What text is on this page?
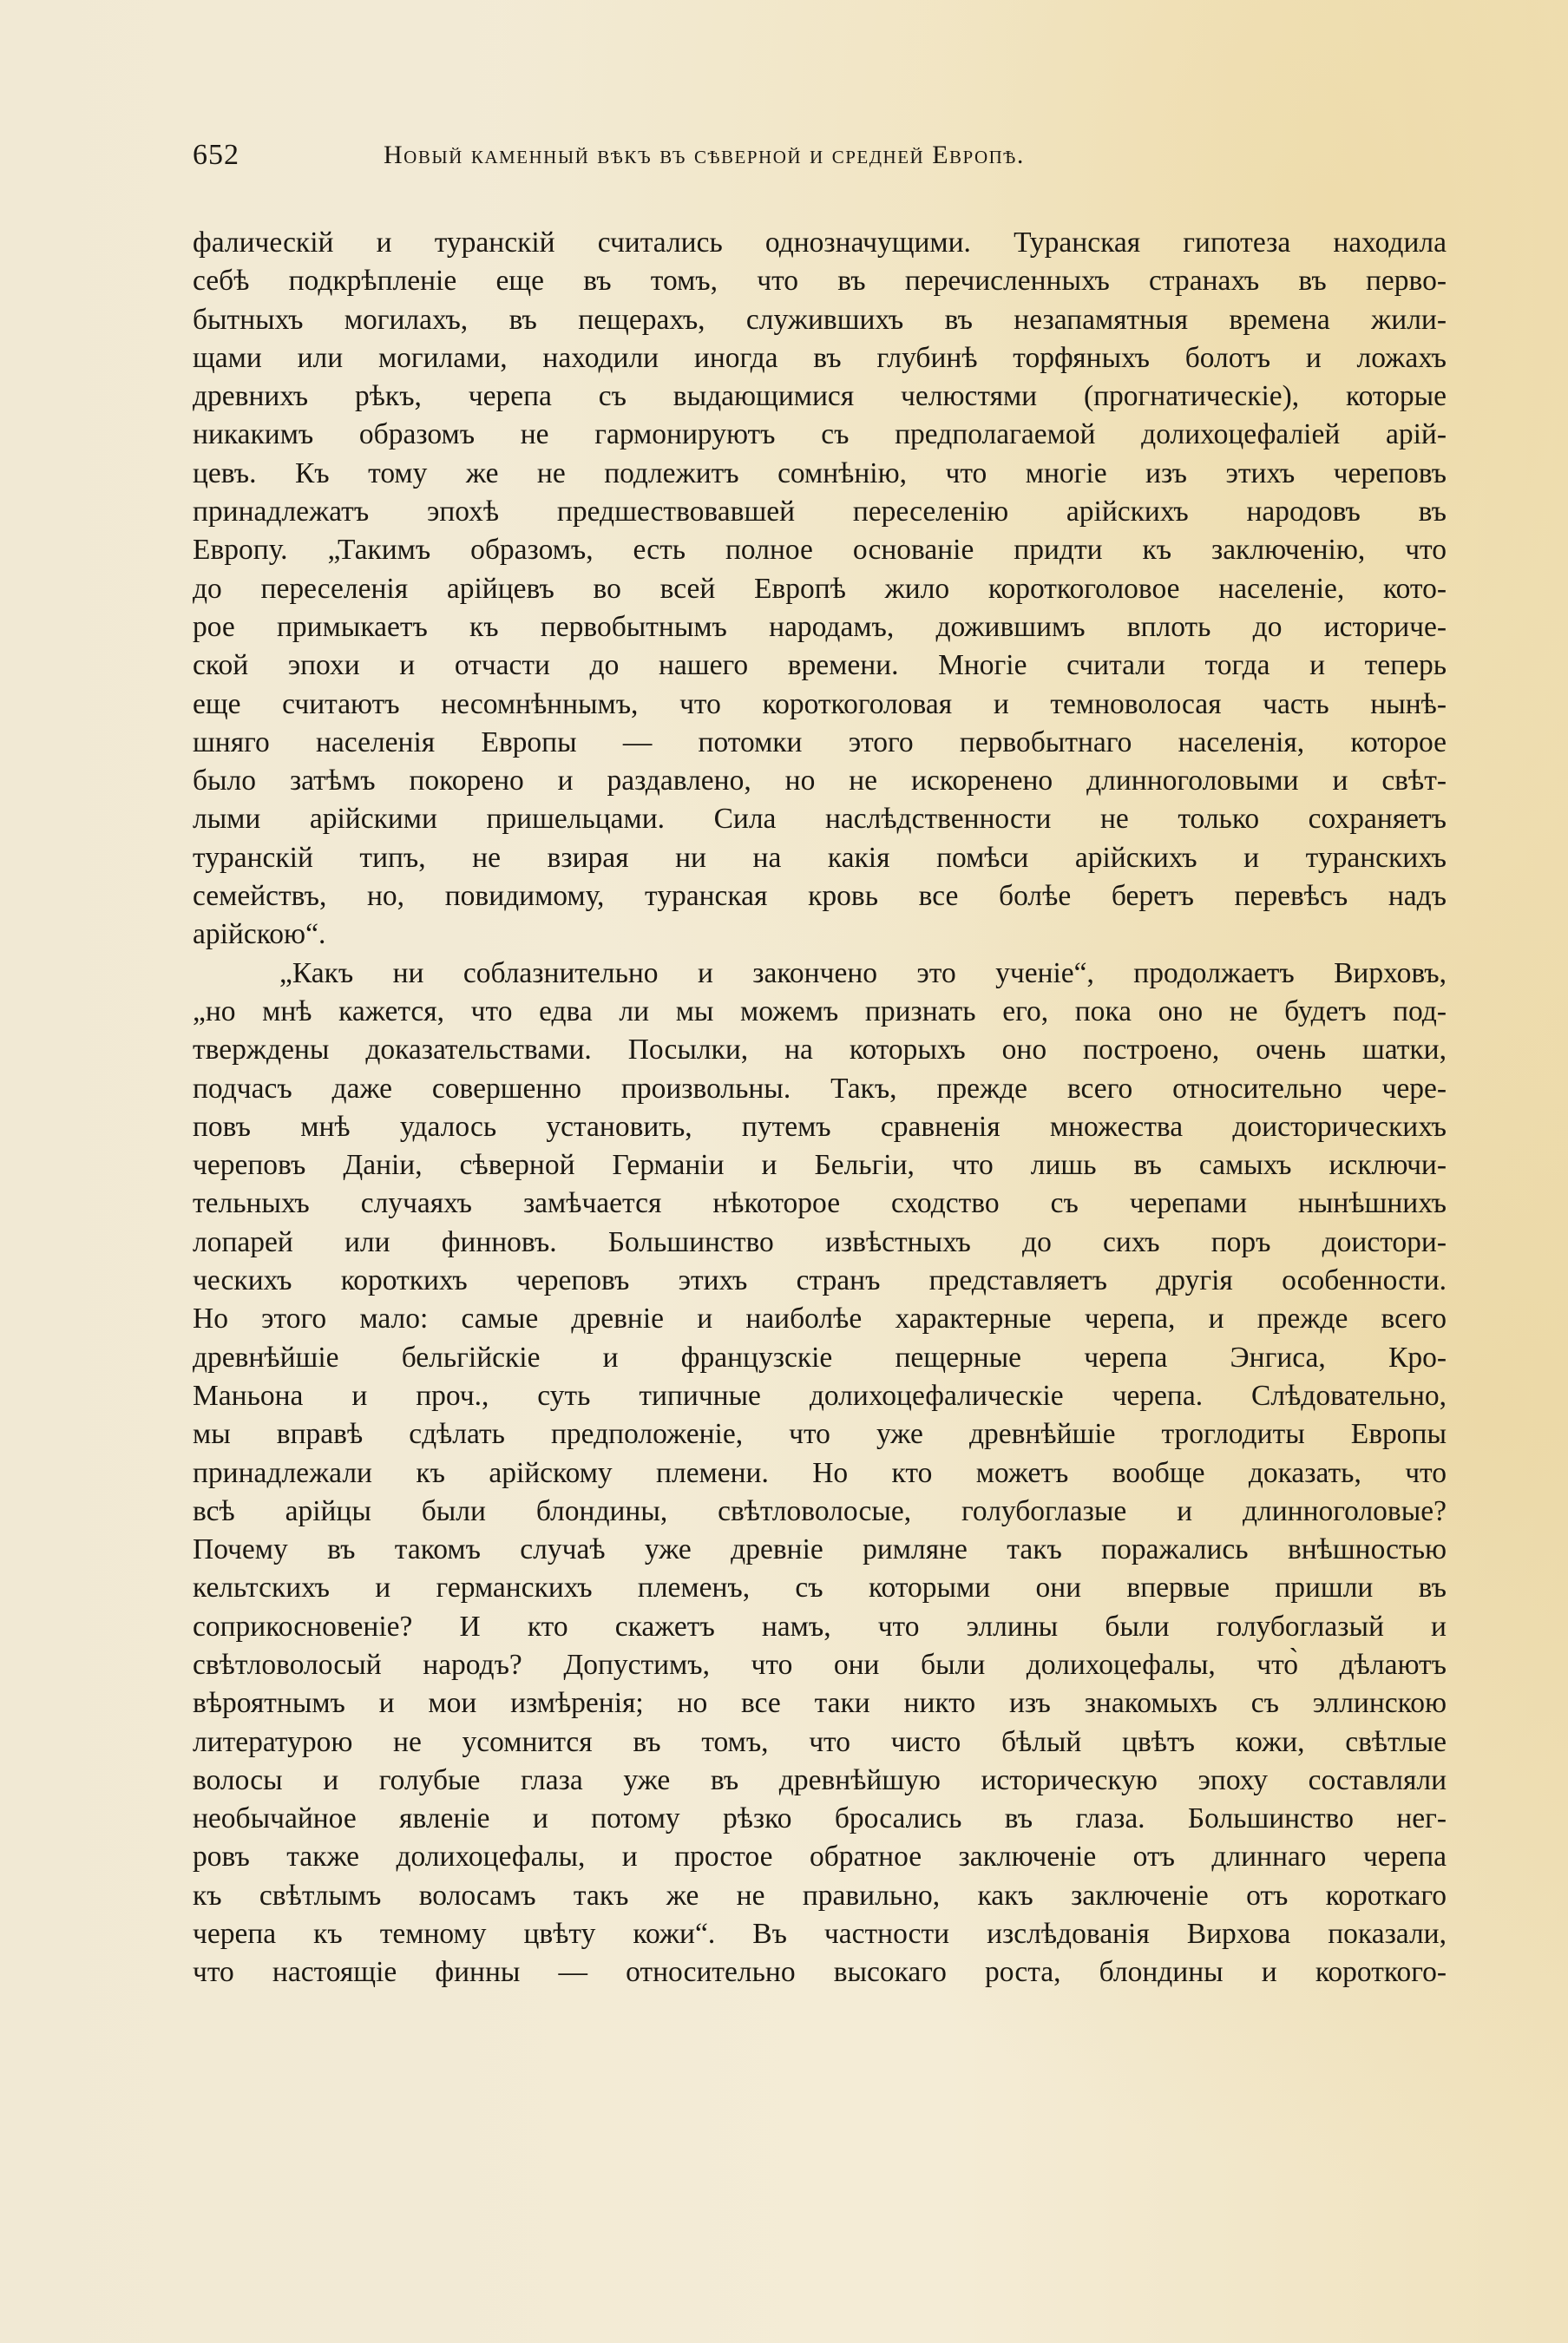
652	Новый каменный вѣкъ въ сѣверной и средней Европѣ.
фалическій и туранскій считались однозначущими. Туранская гипотеза находила
себѣ подкрѣпленіе еще въ томъ, что въ перечисленныхъ странахъ въ перво-
бытныхъ могилахъ, въ пещерахъ, служившихъ въ незапамятныя времена жили-
щами или могилами, находили иногда въ глубинѣ торфяныхъ болотъ и ложахъ
древнихъ рѣкъ, черепа съ выдающимися челюстями (прогнатическіе), которые
никакимъ образомъ не гармонируютъ съ предполагаемой долихоцефаліей арій-
цевъ. Къ тому же не подлежитъ сомнѣнію, что многіе изъ этихъ череповъ
принадлежатъ эпохѣ предшествовавшей переселенію арійскихъ народовъ въ
Европу. „Такимъ образомъ, есть полное основаніе придти къ заключенію, что
до переселенія арійцевъ во всей Европѣ жило короткоголовое населеніе, кото-
рое примыкаетъ къ первобытнымъ народамъ, дожившимъ вплоть до историче-
ской эпохи и отчасти до нашего времени. Многіе считали тогда и теперь
еще считаютъ несомнѣннымъ, что короткоголовая и темноволосая часть нынѣ-
шняго населенія Европы — потомки этого первобытнаго населенія, которое
было затѣмъ покорено и раздавлено, но не искоренено длинноголовыми и свѣт-
лыми арійскими пришельцами. Сила наслѣдственности не только сохраняетъ
туранскій типъ, не взирая ни на какія помѣси арійскихъ и туранскихъ
семействъ, но, повидимому, туранская кровь все болѣе беретъ перевѣсъ надъ
арійскою“.
„Какъ ни соблазнительно и закончено это ученіе“, продолжаетъ Вирховъ,
„но мнѣ кажется, что едва ли мы можемъ признать его, пока оно не будетъ под-
тверждены доказательствами. Посылки, на которыхъ оно построено, очень шатки,
подчасъ даже совершенно произвольны. Такъ, прежде всего относительно чере-
повъ мнѣ удалось установить, путемъ сравненія множества доисторическихъ
череповъ Даніи, сѣверной Германіи и Бельгіи, что лишь въ самыхъ исключи-
тельныхъ случаяхъ замѣчается нѣкоторое сходство съ черепами нынѣшнихъ
лопарей или финновъ. Большинство извѣстныхъ до сихъ поръ доистори-
ческихъ короткихъ череповъ этихъ странъ представляетъ другія особенности.
Но этого мало: самые древніе и наиболѣе характерные черепа, и прежде всего
древнѣйшіе бельгійскіе и французскіе пещерные черепа Энгиса, Кро-
Маньона и проч., суть типичные долихоцефалическіе черепа. Слѣдовательно,
мы вправѣ сдѣлать предположеніе, что уже древнѣйшіе троглодиты Европы
принадлежали къ арійскому племени. Но кто можетъ вообще доказать, что
всѣ арійцы были блондины, свѣтловолосые, голубоглазые и длинноголовые?
Почему въ такомъ случаѣ уже древніе римляне такъ поражались внѣшностью
кельтскихъ и германскихъ племенъ, съ которыми они впервые пришли въ
соприкосновеніе? И кто скажетъ намъ, что эллины были голубоглазый и
свѣтловолосый народъ? Допустимъ, что они были долихоцефалы, что̀ дѣлаютъ
вѣроятнымъ и мои измѣренія; но все таки никто изъ знакомыхъ съ эллинскою
литературою не усомнится въ томъ, что чисто бѣлый цвѣтъ кожи, свѣтлые
волосы и голубые глаза уже въ древнѣйшую историческую эпоху составляли
необычайное явленіе и потому рѣзко бросались въ глаза. Большинство нег-
ровъ также долихоцефалы, и простое обратное заключеніе отъ длиннаго черепа
къ свѣтлымъ волосамъ такъ же не правильно, какъ заключеніе отъ короткаго
черепа къ темному цвѣту кожи“. Въ частности изслѣдованія Вирхова показали,
что настоящіе финны — относительно высокаго роста, блондины и короткого-
